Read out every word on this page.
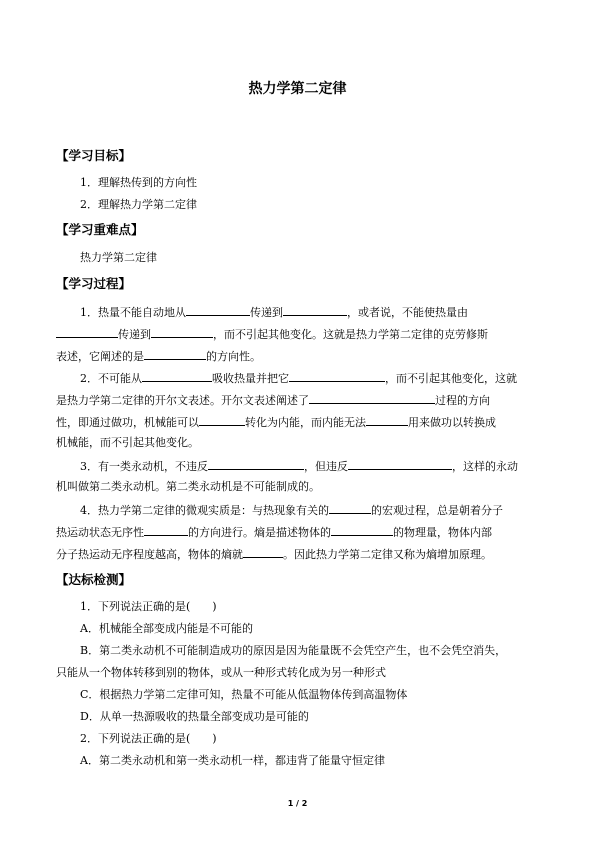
热力学第二定律
【学习目标】
1．理解热传到的方向性
2．理解热力学第二定律
【学习重难点】
热力学第二定律
【学习过程】
1．热量不能自动地从	传递到	，或者说，不能使热量由
传递到	，而不引起其他变化。这就是热力学第二定律的克劳修斯
表述，它阐述的是	的方向性。
2．不可能从	吸收热量并把它	，而不引起其他变化，这就
是热力学第二定律的开尔文表述。开尔文表述阐述了	过程的方向
性，即通过做功，机械能可以	转化为内能，而内能无法	用来做功以转换成
机械能，而不引起其他变化。
3．有一类永动机，不违反	，但违反	，这样的永动
机叫做第二类永动机。第二类永动机是不可能制成的。
4．热力学第二定律的微观实质是：与热现象有关的	的宏观过程，总是朝着分子
热运动状态无序性	的方向进行。熵是描述物体的	的物理量，物体内部
分子热运动无序程度越高，物体的熵就	。因此热力学第二定律又称为熵增加原理。
【达标检测】
1．下列说法正确的是(　　)
A．机械能全部变成内能是不可能的
B．第二类永动机不可能制造成功的原因是因为能量既不会凭空产生，也不会凭空消失，
只能从一个物体转移到别的物体，或从一种形式转化成为另一种形式
C．根据热力学第二定律可知，热量不可能从低温物体传到高温物体
D．从单一热源吸收的热量全部变成功是可能的
2．下列说法正确的是(　　)
A．第二类永动机和第一类永动机一样，都违背了能量守恒定律
1 / 2
